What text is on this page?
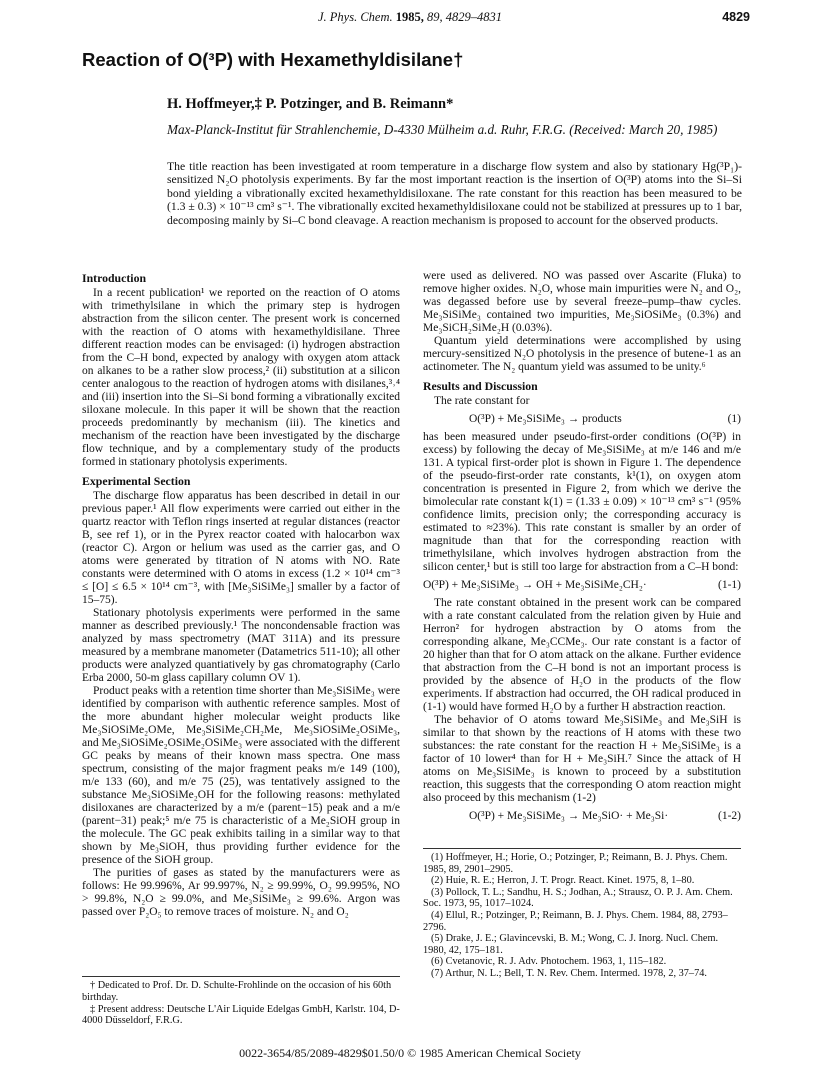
J. Phys. Chem. 1985, 89, 4829–4831	4829
Reaction of O(³P) with Hexamethyldisilane†
H. Hoffmeyer,‡ P. Potzinger, and B. Reimann*
Max-Planck-Institut für Strahlenchemie, D-4330 Mülheim a.d. Ruhr, F.R.G. (Received: March 20, 1985)

The title reaction has been investigated at room temperature in a discharge flow system and also by stationary Hg(³P₁)-sensitized N₂O photolysis experiments. By far the most important reaction is the insertion of O(³P) atoms into the Si–Si bond yielding a vibrationally excited hexamethyldisiloxane. The rate constant for this reaction has been measured to be (1.3 ± 0.3) × 10⁻¹³ cm³ s⁻¹. The vibrationally excited hexamethyldisiloxane could not be stabilized at pressures up to 1 bar, decomposing mainly by Si–C bond cleavage. A reaction mechanism is proposed to account for the observed products.

Introduction

In a recent publication¹ we reported on the reaction of O atoms with trimethylsilane in which the primary step is hydrogen abstraction from the silicon center. The present work is concerned with the reaction of O atoms with hexamethyldisilane. Three different reaction modes can be envisaged: (i) hydrogen abstraction from the C–H bond, expected by analogy with oxygen atom attack on alkanes to be a rather slow process,² (ii) substitution at a silicon center analogous to the reaction of hydrogen atoms with disilanes,³˒⁴ and (iii) insertion into the Si–Si bond forming a vibrationally excited siloxane molecule. In this paper it will be shown that the reaction proceeds predominantly by mechanism (iii). The kinetics and mechanism of the reaction have been investigated by the discharge flow technique, and by a complementary study of the products formed in stationary photolysis experiments.

Experimental Section

The discharge flow apparatus has been described in detail in our previous paper.¹ All flow experiments were carried out either in the quartz reactor with Teflon rings inserted at regular distances (reactor B, see ref 1), or in the Pyrex reactor coated with halocarbon wax (reactor C). Argon or helium was used as the carrier gas, and O atoms were generated by titration of N atoms with NO. Rate constants were determined with O atoms in excess (1.2 × 10¹⁴ cm⁻³ ≤ [O] ≤ 6.5 × 10¹⁴ cm⁻³, with [Me₃SiSiMe₃] smaller by a factor of 15–75).

Stationary photolysis experiments were performed in the same manner as described previously.¹ The noncondensable fraction was analyzed by mass spectrometry (MAT 311A) and its pressure measured by a membrane manometer (Datametrics 511-10); all other products were analyzed quantiatively by gas chromatography (Carlo Erba 2000, 50-m glass capillary column OV 1).

Product peaks with a retention time shorter than Me₃SiSiMe₃ were identified by comparison with authentic reference samples. Most of the more abundant higher molecular weight products like Me₃SiOSiMe₂OMe, Me₃SiSiMe₂CH₂Me, Me₃SiOSiMe₂OSiMe₃, and Me₃SiOSiMe₂OSiMe₂OSiMe₃ were associated with the different GC peaks by means of their known mass spectra. One mass spectrum, consisting of the major fragment peaks m/e 149 (100), m/e 133 (60), and m/e 75 (25), was tentatively assigned to the substance Me₃SiOSiMe₂OH for the following reasons: methylated disiloxanes are characterized by a m/e (parent−15) peak and a m/e (parent−31) peak;⁵ m/e 75 is characteristic of a Me₂SiOH group in the molecule. The GC peak exhibits tailing in a similar way to that shown by Me₃SiOH, thus providing further evidence for the presence of the SiOH group.

The purities of gases as stated by the manufacturers were as follows: He 99.996%, Ar 99.997%, N₂ ≥ 99.99%, O₂ 99.995%, NO > 99.8%, N₂O ≥ 99.0%, and Me₃SiSiMe₃ ≥ 99.6%. Argon was passed over P₂O₅ to remove traces of moisture. N₂ and O₂

† Dedicated to Prof. Dr. D. Schulte-Frohlinde on the occasion of his 60th birthday.

‡ Present address: Deutsche L'Air Liquide Edelgas GmbH, Karlstr. 104, D-4000 Düsseldorf, F.R.G.

were used as delivered. NO was passed over Ascarite (Fluka) to remove higher oxides. N₂O, whose main impurities were N₂ and O₂, was degassed before use by several freeze–pump–thaw cycles. Me₃SiSiMe₃ contained two impurities, Me₃SiOSiMe₃ (0.3%) and Me₃SiCH₂SiMe₂H (0.03%).

Quantum yield determinations were accomplished by using mercury-sensitized N₂O photolysis in the presence of butene-1 as an actinometer. The N₂ quantum yield was assumed to be unity.⁶

Results and Discussion

The rate constant for

O(³P) + Me₃SiSiMe₃ → products	(1)

has been measured under pseudo-first-order conditions (O(³P) in excess) by following the decay of Me₃SiSiMe₃ at m/e 146 and m/e 131. A typical first-order plot is shown in Figure 1. The dependence of the pseudo-first-order rate constants, k¹(1), on oxygen atom concentration is presented in Figure 2, from which we derive the bimolecular rate constant k(1) = (1.33 ± 0.09) × 10⁻¹³ cm³ s⁻¹ (95% confidence limits, precision only; the corresponding accuracy is estimated to ≈23%). This rate constant is smaller by an order of magnitude than that for the corresponding reaction with trimethylsilane, which involves hydrogen abstraction from the silicon center,¹ but is still too large for abstraction from a C–H bond:

O(³P) + Me₃SiSiMe₃ → OH + Me₃SiSiMe₂CH₂·	(1-1)

The rate constant obtained in the present work can be compared with a rate constant calculated from the relation given by Huie and Herron² for hydrogen abstraction by O atoms from the corresponding alkane, Me₃CCMe₃. Our rate constant is a factor of 20 higher than that for O atom attack on the alkane. Further evidence that abstraction from the C–H bond is not an important process is provided by the absence of H₂O in the products of the flow experiments. If abstraction had occurred, the OH radical produced in (1-1) would have formed H₂O by a further H abstraction reaction.

The behavior of O atoms toward Me₃SiSiMe₃ and Me₃SiH is similar to that shown by the reactions of H atoms with these two substances: the rate constant for the reaction H + Me₃SiSiMe₃ is a factor of 10 lower⁴ than for H + Me₃SiH.⁷ Since the attack of H atoms on Me₃SiSiMe₃ is known to proceed by a substitution reaction, this suggests that the corresponding O atom reaction might also proceed by this mechanism (1-2)

O(³P) + Me₃SiSiMe₃ → Me₃SiO· + Me₃Si·	(1-2)

(1) Hoffmeyer, H.; Horie, O.; Potzinger, P.; Reimann, B. J. Phys. Chem. 1985, 89, 2901–2905.

(2) Huie, R. E.; Herron, J. T. Progr. React. Kinet. 1975, 8, 1–80.

(3) Pollock, T. L.; Sandhu, H. S.; Jodhan, A.; Strausz, O. P. J. Am. Chem. Soc. 1973, 95, 1017–1024.

(4) Ellul, R.; Potzinger, P.; Reimann, B. J. Phys. Chem. 1984, 88, 2793–2796.

(5) Drake, J. E.; Glavincevski, B. M.; Wong, C. J. Inorg. Nucl. Chem. 1980, 42, 175–181.

(6) Cvetanovic, R. J. Adv. Photochem. 1963, 1, 115–182.

(7) Arthur, N. L.; Bell, T. N. Rev. Chem. Intermed. 1978, 2, 37–74.

0022-3654/85/2089-4829$01.50/0 © 1985 American Chemical Society
